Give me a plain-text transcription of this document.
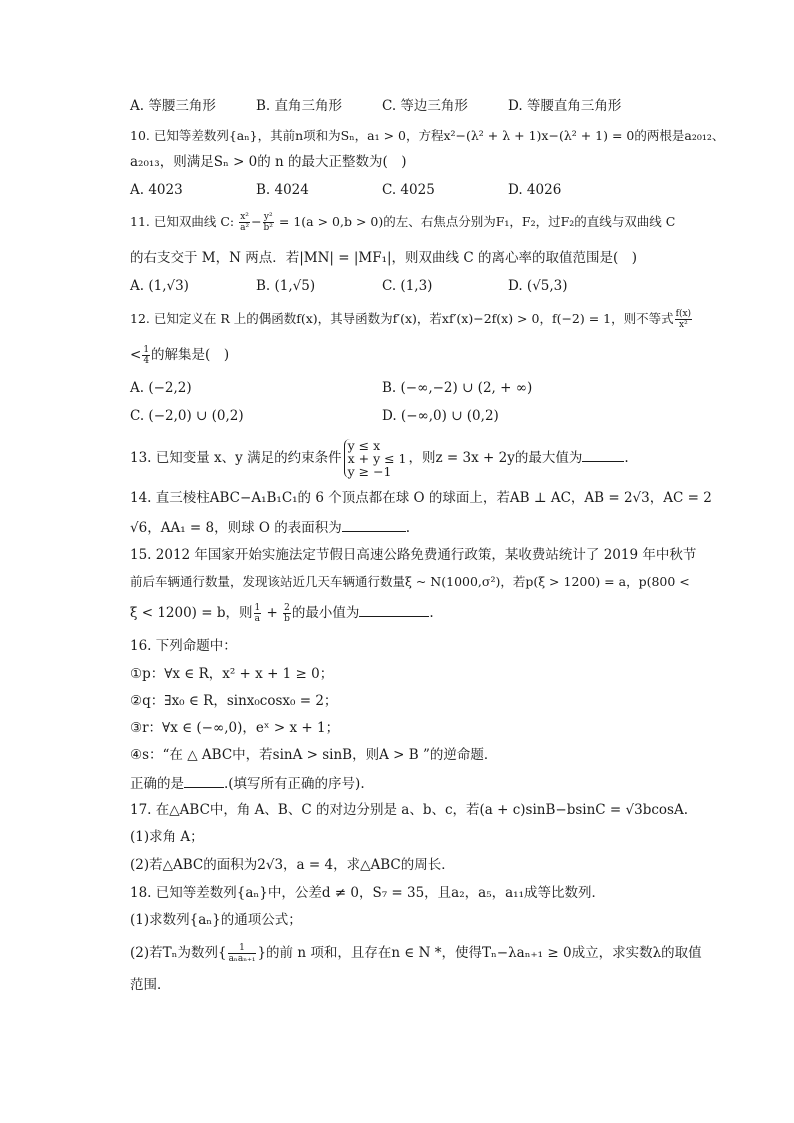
A. 等腰三角形	B. 直角三角形	C. 等边三角形	D. 等腰直角三角形
10. 已知等差数列{aₙ}，其前n项和为Sₙ，a₁ > 0，方程x²−(λ² + λ + 1)x−(λ² + 1) = 0的两根是a₂₀₁₂、
a₂₀₁₃，则满足Sₙ > 0的 n 的最大正整数为(　)
A. 4023	B. 4024	C. 4025	D. 4026
11. 已知双曲线 C: $\frac{\text{x²}}{\text{a²}} - \frac{\text{y²}}{\text{b²}} = 1(a > 0,b > 0)$的左、右焦点分别为F₁，F₂，过F₂的直线与双曲线 C
的右支交于 M，N 两点．若|MN| = |MF₁|，则双曲线 C 的离心率的取值范围是(　)
A. (1,√3)	B. (1,√5)	C. (1,3)	D. (√5,3)
12. 已知定义在 R 上的偶函数f(x)，其导函数为f′(x)，若xf′(x)−2f(x) > 0，f(−2) = 1，则不等式 $\frac{f(x)}{\text{x²}}$
< $\frac{1}{4}$ 的解集是(　)
A. (−2,2)	B. (−∞,−2) ∪ (2, + ∞)
C. (−2,0) ∪ (0,2)	D. (−∞,0) ∪ (0,2)
13. 已知变量 x、y 满足的约束条件
y ≤ x
x + y ≤ 1
y ≥ −1
，则z = 3x + 2y的最大值为	.
14. 直三棱柱ABC−A₁B₁C₁的 6 个顶点都在球 O 的球面上，若AB ⊥ AC，AB = 2√3，AC = 2
√6，AA₁ = 8，则球 O 的表面积为	.
15. 2012 年国家开始实施法定节假日高速公路免费通行政策，某收费站统计了 2019 年中秋节
前后车辆通行数量，发现该站近几天车辆通行数量ξ ~ N(1000,σ²)，若p(ξ > 1200) = a，p(800 <
ξ < 1200) = b，则 $\frac{1}{a} + \frac{2}{b}$ 的最小值为	.
16. 下列命题中：
①p：∀x ∈ R，x² + x + 1 ≥ 0；
②q：∃x₀ ∈ R，sinx₀cosx₀ = 2；
③r：∀x ∈ (−∞,0)，eˣ > x + 1；
④s：“在 △ ABC中，若sinA > sinB，则A > B ”的逆命题．
正确的是	.(填写所有正确的序号).
17. 在△ABC中，角 A、B、C 的对边分别是 a、b、c，若(a + c)sinB−bsinC = √3bcosA.
(1)求角 A；
(2)若△ABC的面积为2√3，a = 4，求△ABC的周长．
18. 已知等差数列{aₙ}中，公差d ≠ 0，S₇ = 35，且a₂，a₅，a₁₁成等比数列．
(1)求数列{aₙ}的通项公式；
(2)若Tₙ为数列{ $\frac{1}{\text{aₙaₙ₊₁}}$ }的前 n 项和，且存在n ∈ N *，使得Tₙ−λaₙ₊₁ ≥ 0成立，求实数λ的取值
范围．
